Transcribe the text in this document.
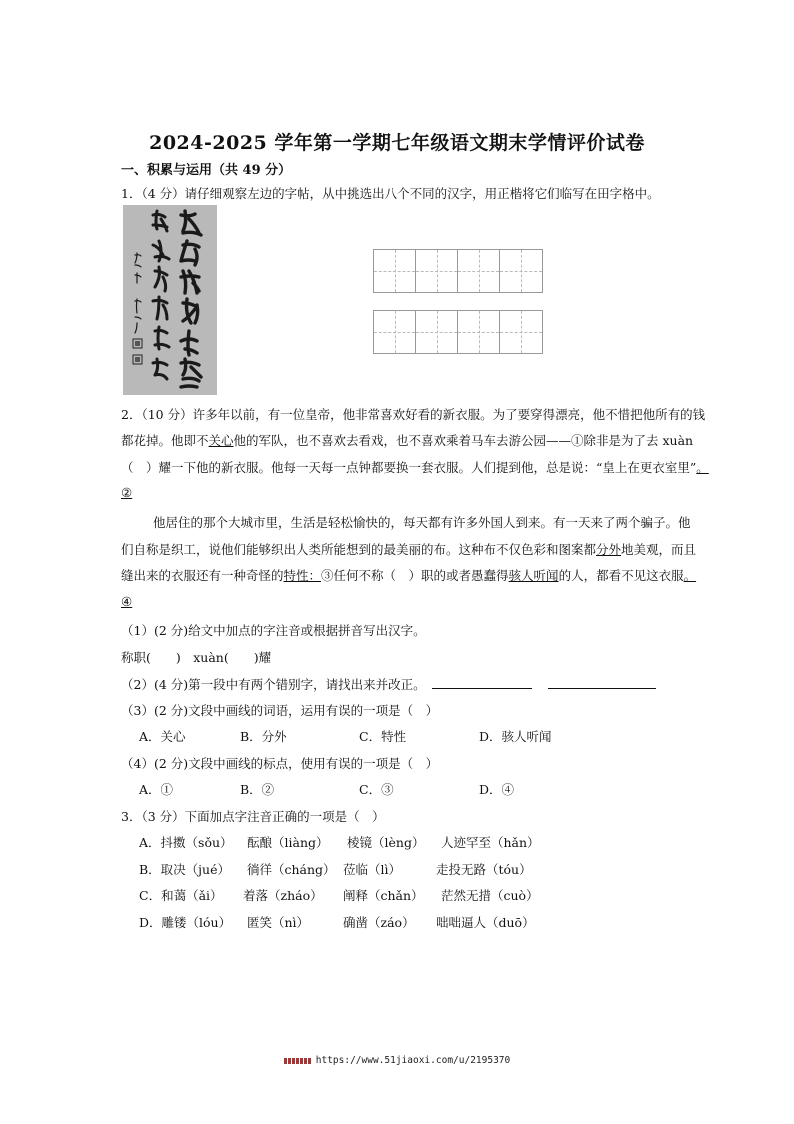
2024-2025 学年第一学期七年级语文期末学情评价试卷
一、积累与运用（共 49 分）
1．（4 分）请仔细观察左边的字帖，从中挑选出八个不同的汉字，用正楷将它们临写在田字格中。
2．（10 分）许多年以前，有一位皇帝，他非常喜欢好看的新衣服。为了要穿得漂亮，他不惜把他所有的钱
都花掉。他即不关心他的军队，也不喜欢去看戏，也不喜欢乘着马车去游公园——①除非是为了去 xuàn
（　）耀一下他的新衣服。他每一天每一点钟都要换一套衣服。人们提到他，总是说：“皇上在更衣室里”。
②
他居住的那个大城市里，生活是轻松愉快的，每天都有许多外国人到来。有一天来了两个骗子。他
们自称是织工，说他们能够织出人类所能想到的最美丽的布。这种布不仅色彩和图案都分外地美观，而且
缝出来的衣服还有一种奇怪的特性：③任何不称（　）职的或者愚蠢得骇人听闻的人，都看不见这衣服。
④
（1）(2 分)给文中加点的字注音或根据拼音写出汉字。
称职(　　)　xuàn(　　)耀
（2）(4 分)第一段中有两个错别字，请找出来并改正。
（3）(2 分)文段中画线的词语，运用有误的一项是（　）
A．关心	B．分外	C．特性	D．骇人听闻
（4）(2 分)文段中画线的标点，使用有误的一项是（　）
A．①	B．②	C．③	D．④
3．（3 分）下面加点字注音正确的一项是（　）
A．抖擞（sǒu） 酝酿（liàng） 棱镜（lèng） 人迹罕至（hǎn）
B．取决（jué） 徜徉（cháng） 莅临（lì）	走投无路（tóu）
C．和蔼（ǎi） 着落（zháo） 阐释（chǎn） 茫然无措（cuò）
D．雕镂（lóu） 匿笑（nì）	确凿（záo） 咄咄逼人（duō）
https://www.51jiaoxi.com/u/2195370
